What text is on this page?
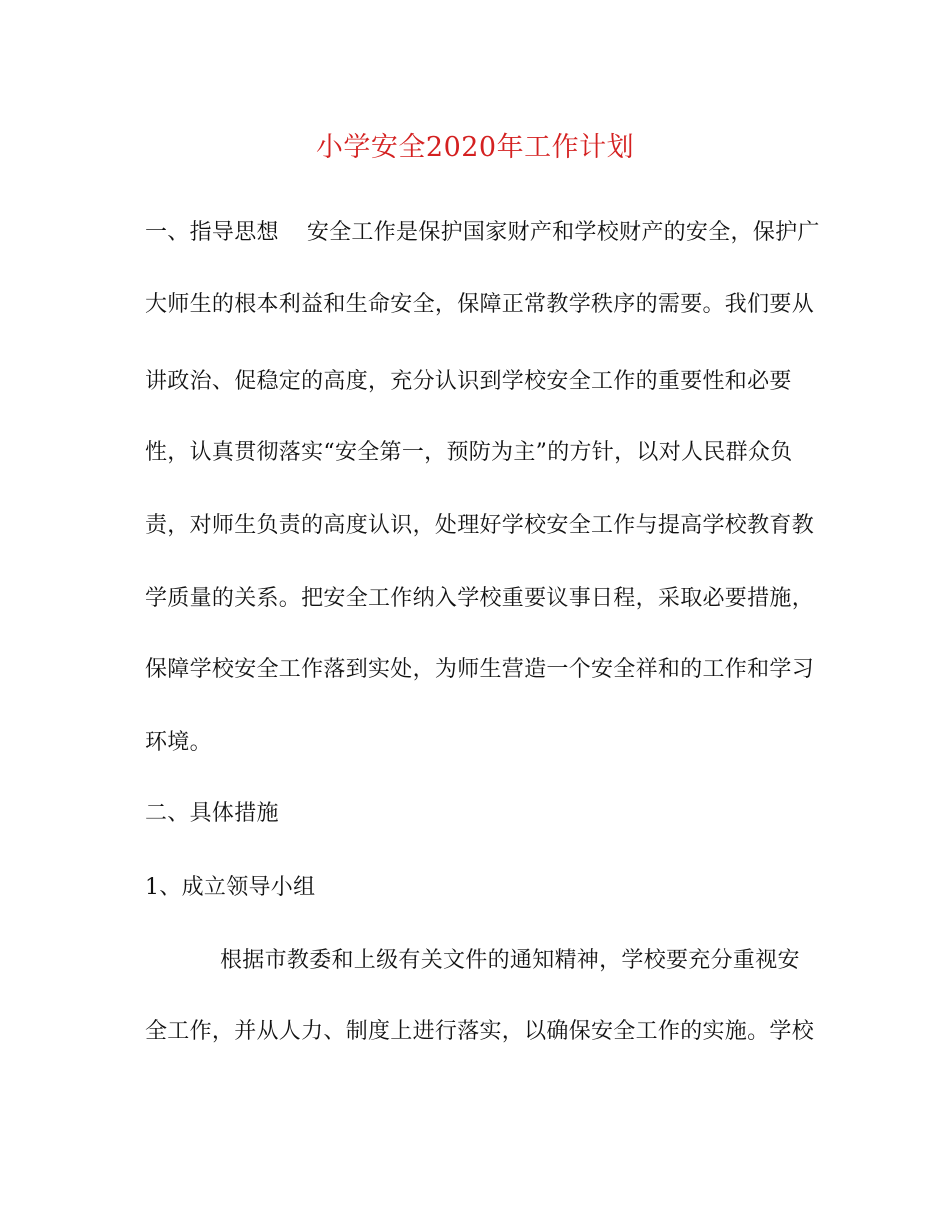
小学安全2020年工作计划
一、指导思想 安全工作是保护国家财产和学校财产的安全，保护广
大师生的根本利益和生命安全，保障正常教学秩序的需要。我们要从
讲政治、促稳定的高度，充分认识到学校安全工作的重要性和必要
性，认真贯彻落实“安全第一，预防为主”的方针，以对人民群众负
责，对师生负责的高度认识，处理好学校安全工作与提高学校教育教
学质量的关系。把安全工作纳入学校重要议事日程，采取必要措施，
保障学校安全工作落到实处，为师生营造一个安全祥和的工作和学习
环境。
二、具体措施
1、成立领导小组
根据市教委和上级有关文件的通知精神，学校要充分重视安
全工作，并从人力、制度上进行落实，以确保安全工作的实施。学校
